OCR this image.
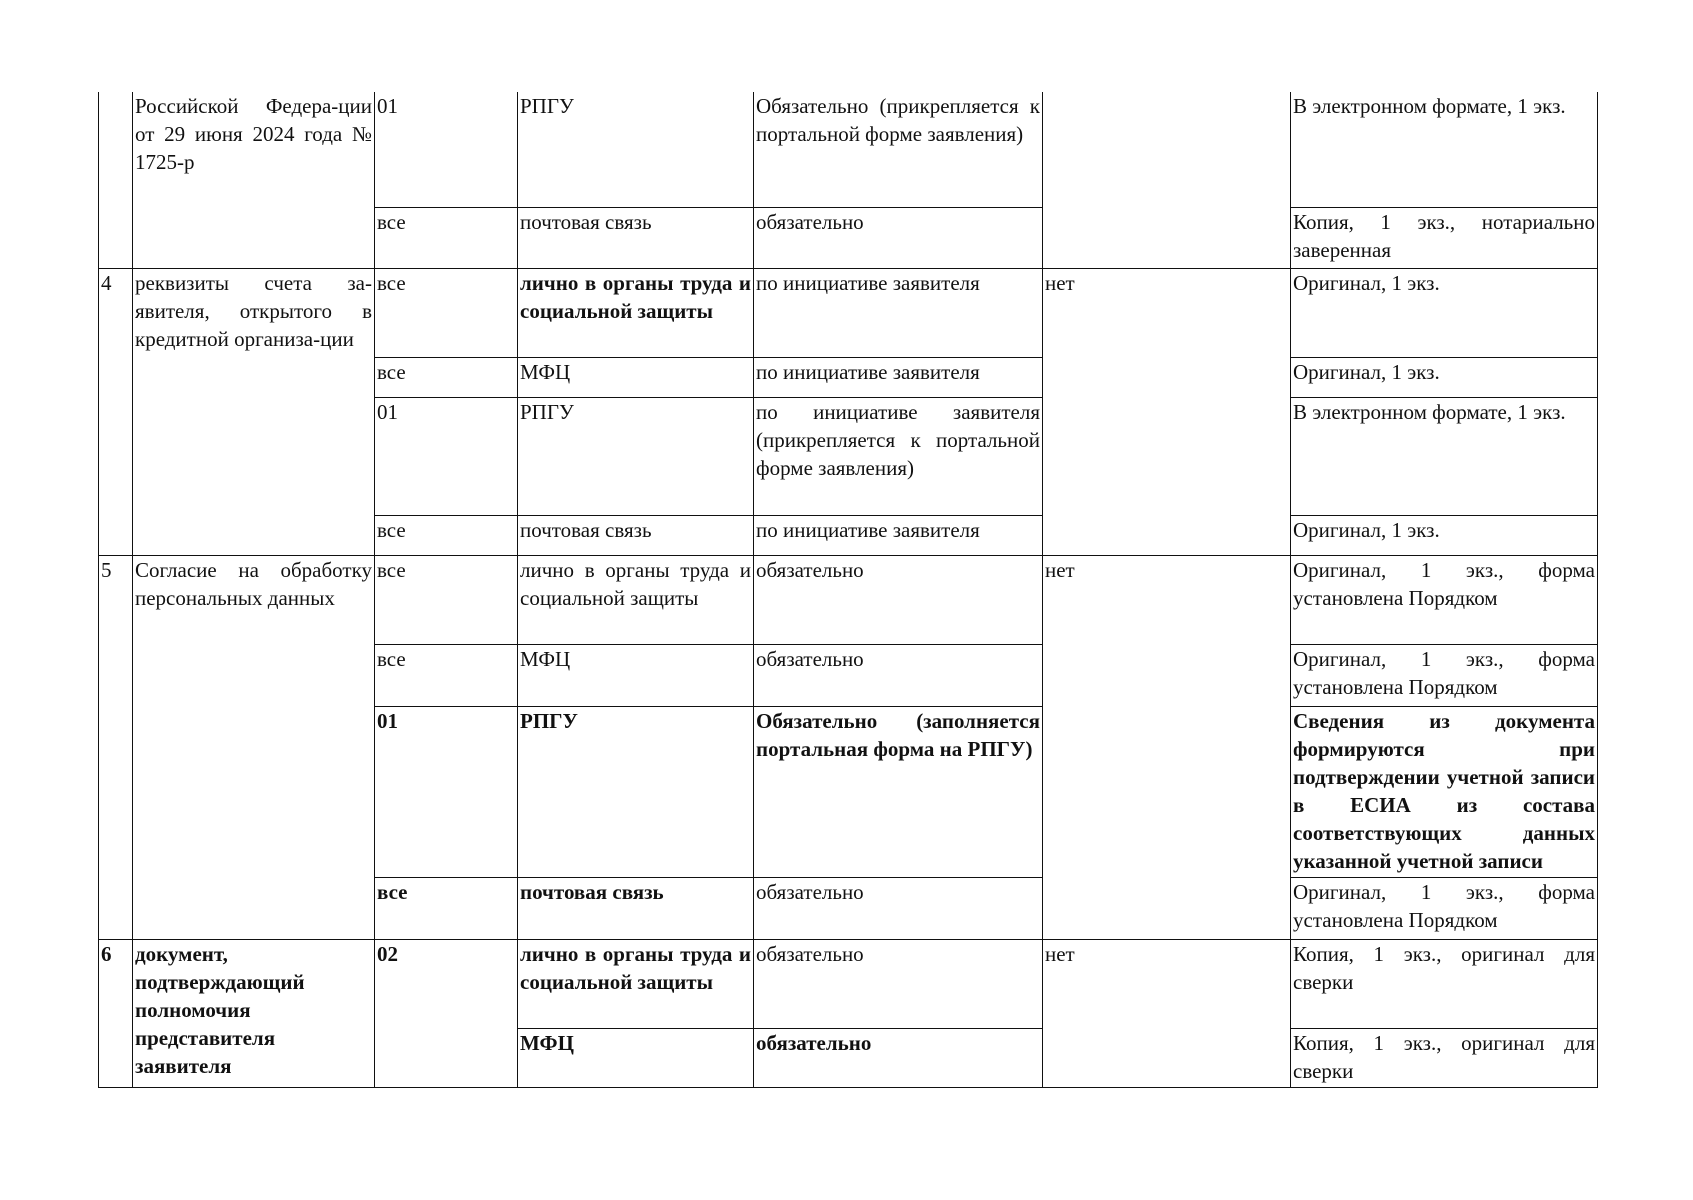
	Российской Федера-ции от 29 июня 2024 года № 1725-р	01	РПГУ	Обязательно (прикрепляется к портальной форме заявления)		В электронном формате, 1 экз.
		все	почтовая связь	обязательно		Копия, 1 экз., нотариально заверенная
4	реквизиты счета за-явителя, открытого в кредитной организа-ции	все	лично в органы труда и социальной защиты	по инициативе заявителя	нет	Оригинал, 1 экз.
		все	МФЦ	по инициативе заявителя		Оригинал, 1 экз.
		01	РПГУ	по инициативе заявителя (прикрепляется к портальной форме заявления)		В электронном формате, 1 экз.
		все	почтовая связь	по инициативе заявителя		Оригинал, 1 экз.
5	Согласие на обработку персональных данных	все	лично в органы труда и социальной защиты	обязательно	нет	Оригинал, 1 экз., форма установлена Порядком
		все	МФЦ	обязательно		Оригинал, 1 экз., форма установлена Порядком
		01	РПГУ	Обязательно (заполняется портальная форма на РПГУ)		Сведения из документа формируются при подтверждении учетной записи в ЕСИА из состава соответствующих данных указанной учетной записи
		все	почтовая связь	обязательно		Оригинал, 1 экз., форма установлена Порядком
6	документ, подтверждающий полномочия представителя заявителя	02	лично в органы труда и социальной защиты	обязательно	нет	Копия, 1 экз., оригинал для сверки
			МФЦ	обязательно		Копия, 1 экз., оригинал для сверки
